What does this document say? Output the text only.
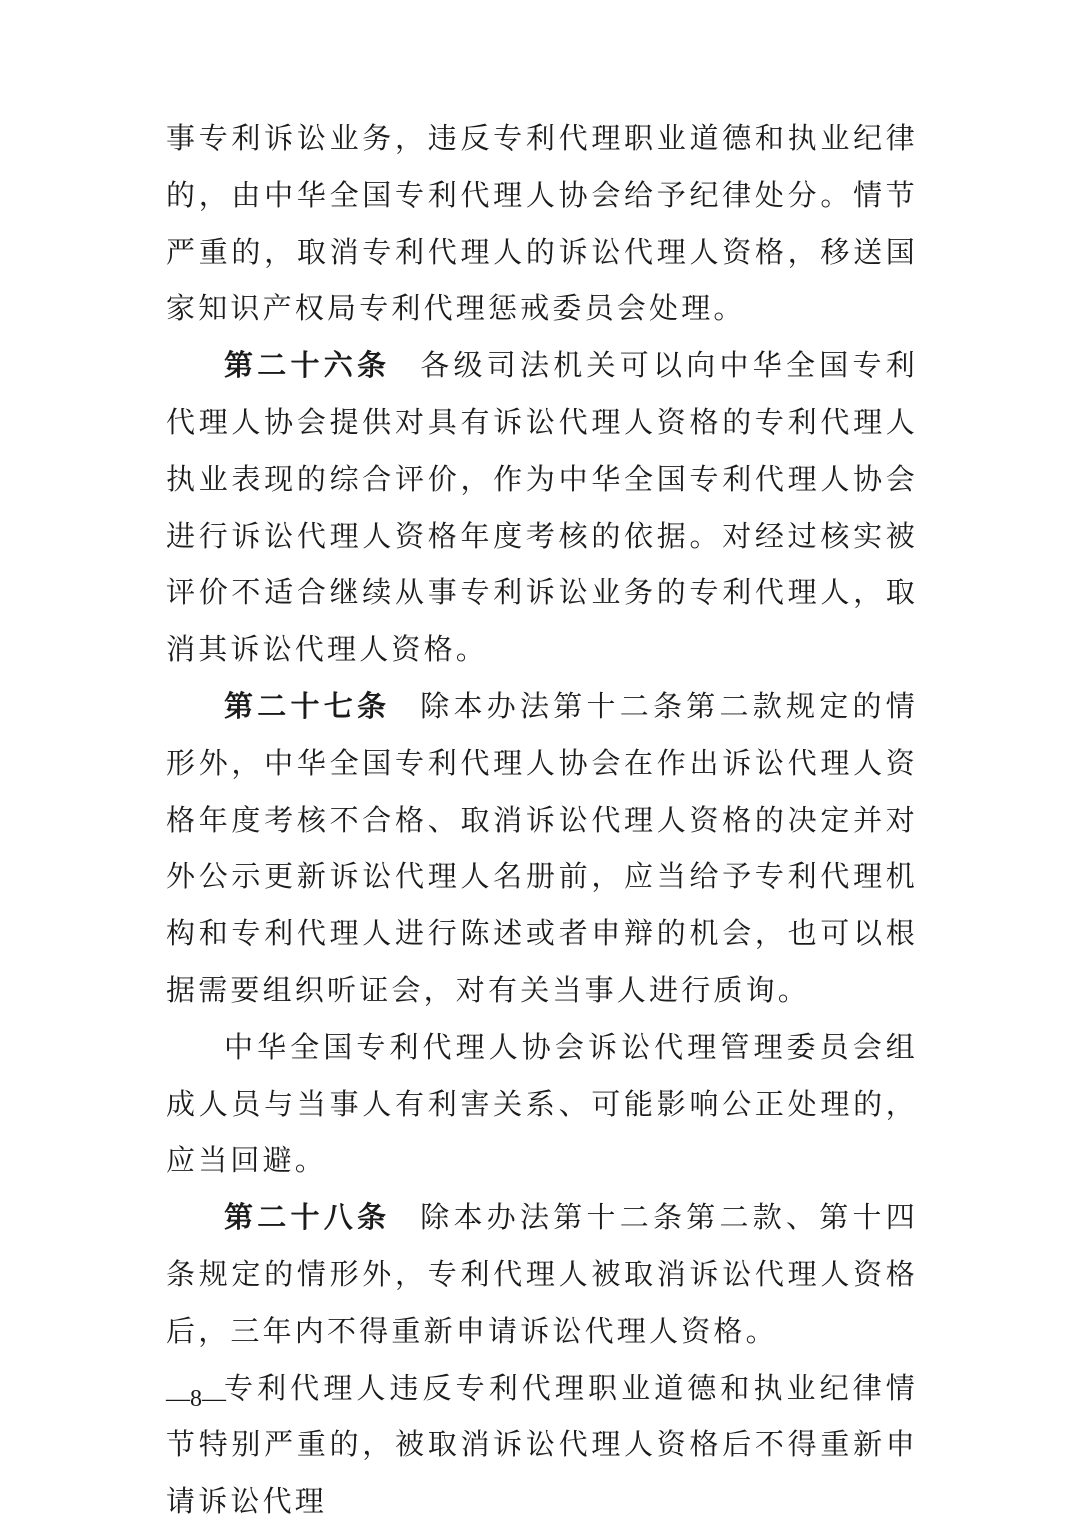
事专利诉讼业务，违反专利代理职业道德和执业纪律的，由中华全国专利代理人协会给予纪律处分。情节严重的，取消专利代理人的诉讼代理人资格，移送国家知识产权局专利代理惩戒委员会处理。

第二十六条 各级司法机关可以向中华全国专利代理人协会提供对具有诉讼代理人资格的专利代理人执业表现的综合评价，作为中华全国专利代理人协会进行诉讼代理人资格年度考核的依据。对经过核实被评价不适合继续从事专利诉讼业务的专利代理人，取消其诉讼代理人资格。

第二十七条 除本办法第十二条第二款规定的情形外，中华全国专利代理人协会在作出诉讼代理人资格年度考核不合格、取消诉讼代理人资格的决定并对外公示更新诉讼代理人名册前，应当给予专利代理机构和专利代理人进行陈述或者申辩的机会，也可以根据需要组织听证会，对有关当事人进行质询。

中华全国专利代理人协会诉讼代理管理委员会组成人员与当事人有利害关系、可能影响公正处理的，应当回避。

第二十八条 除本办法第十二条第二款、第十四条规定的情形外，专利代理人被取消诉讼代理人资格后，三年内不得重新申请诉讼代理人资格。

专利代理人违反专利代理职业道德和执业纪律情节特别严重的，被取消诉讼代理人资格后不得重新申请诉讼代理

—8—
